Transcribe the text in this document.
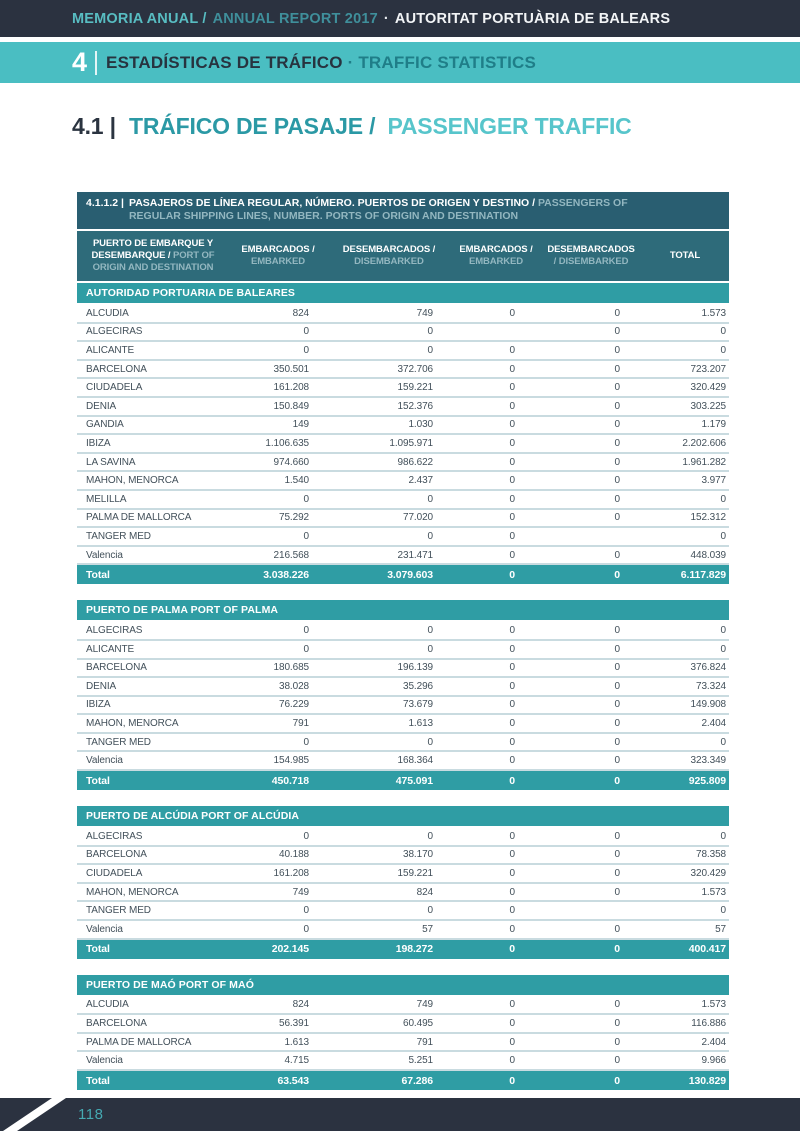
MEMORIA ANUAL / ANNUAL REPORT 2017 · AUTORITAT PORTUÀRIA DE BALEARS
4 ESTADÍSTICAS DE TRÁFICO · TRAFFIC STATISTICS
4.1 | TRÁFICO DE PASAJE / PASSENGER TRAFFIC
4.1.1.2 | PASAJEROS DE LÍNEA REGULAR, NÚMERO. PUERTOS DE ORIGEN Y DESTINO / PASSENGERS OF REGULAR SHIPPING LINES, NUMBER. PORTS OF ORIGIN AND DESTINATION
PUERTO DE EMBARQUE Y DESEMBARQUE / PORT OF ORIGIN AND DESTINATION	EMBARCADOS / EMBARKED	DESEMBARCADOS / DISEMBARKED	EMBARCADOS / EMBARKED	DESEMBARCADOS / DISEMBARKED	TOTAL
AUTORIDAD PORTUARIA DE BALEARES
ALCUDIA	824	749	0	0	1.573
ALGECIRAS	0	0		0	0
ALICANTE	0	0	0	0	0
BARCELONA	350.501	372.706	0	0	723.207
CIUDADELA	161.208	159.221	0	0	320.429
DENIA	150.849	152.376	0	0	303.225
GANDIA	149	1.030	0	0	1.179
IBIZA	1.106.635	1.095.971	0	0	2.202.606
LA SAVINA	974.660	986.622	0	0	1.961.282
MAHON, MENORCA	1.540	2.437	0	0	3.977
MELILLA	0	0	0	0	0
PALMA DE MALLORCA	75.292	77.020	0	0	152.312
TANGER MED	0	0	0		0
Valencia	216.568	231.471	0	0	448.039
Total	3.038.226	3.079.603	0	0	6.117.829
PUERTO DE PALMA PORT OF PALMA
ALGECIRAS	0	0	0	0	0
ALICANTE	0	0	0	0	0
BARCELONA	180.685	196.139	0	0	376.824
DENIA	38.028	35.296	0	0	73.324
IBIZA	76.229	73.679	0	0	149.908
MAHON, MENORCA	791	1.613	0	0	2.404
TANGER MED	0	0	0	0	0
Valencia	154.985	168.364	0	0	323.349
Total	450.718	475.091	0	0	925.809
PUERTO DE ALCÚDIA PORT OF ALCÚDIA
ALGECIRAS	0	0	0	0	0
BARCELONA	40.188	38.170	0	0	78.358
CIUDADELA	161.208	159.221	0	0	320.429
MAHON, MENORCA	749	824	0	0	1.573
TANGER MED	0	0	0		0
Valencia	0	57	0	0	57
Total	202.145	198.272	0	0	400.417
PUERTO DE MAÓ PORT OF MAÓ
ALCUDIA	824	749	0	0	1.573
BARCELONA	56.391	60.495	0	0	116.886
PALMA DE MALLORCA	1.613	791	0	0	2.404
Valencia	4.715	5.251	0	0	9.966
Total	63.543	67.286	0	0	130.829
118
